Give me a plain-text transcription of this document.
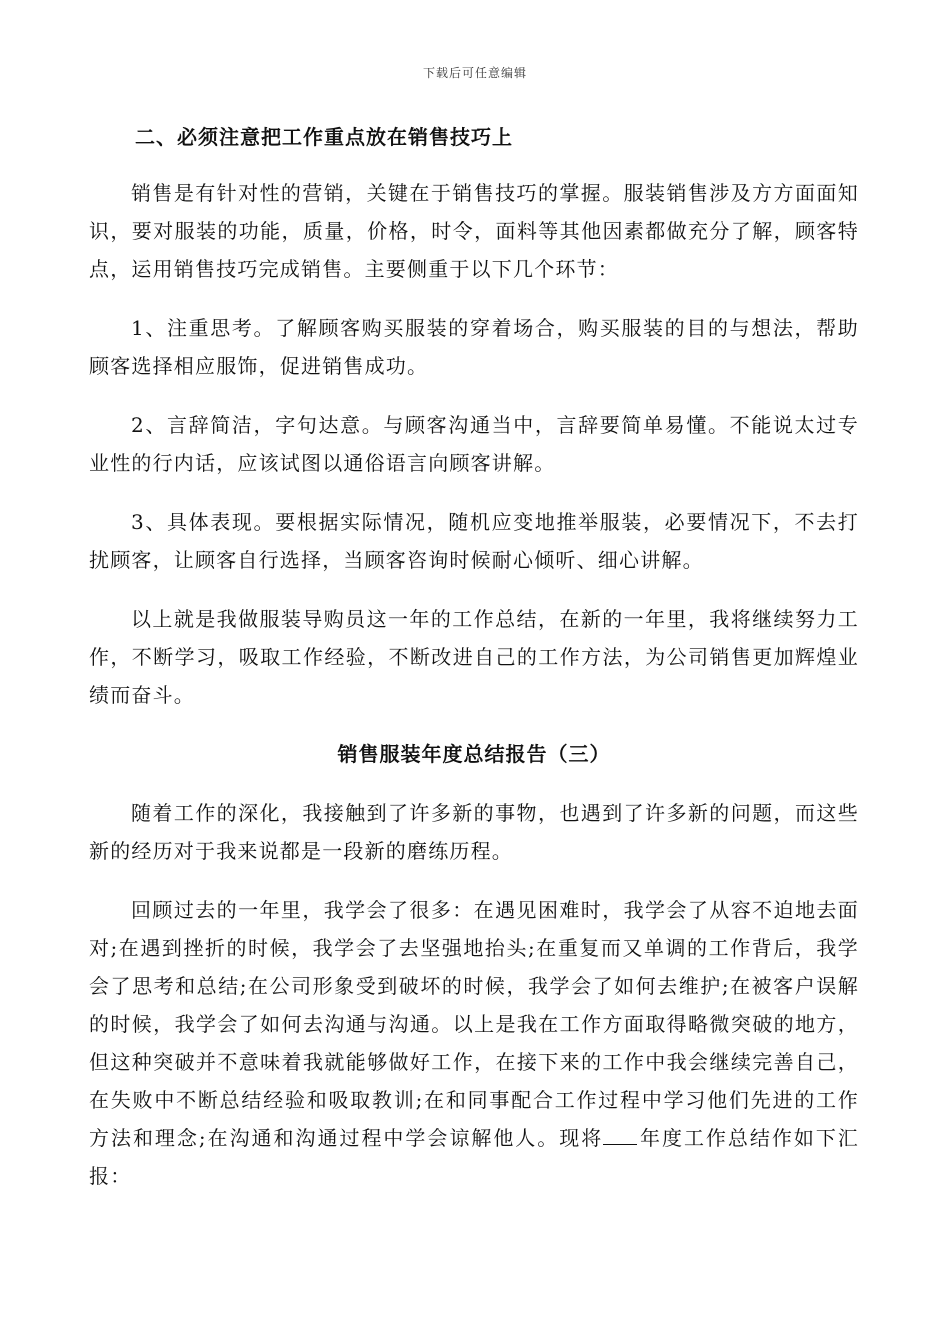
下载后可任意编辑
二、必须注意把工作重点放在销售技巧上

销售是有针对性的营销，关键在于销售技巧的掌握。服装销售涉及方方面面知识，要对服装的功能，质量，价格，时令，面料等其他因素都做充分了解，顾客特点，运用销售技巧完成销售。主要侧重于以下几个环节：

1、注重思考。了解顾客购买服装的穿着场合，购买服装的目的与想法，帮助顾客选择相应服饰，促进销售成功。

2、言辞简洁，字句达意。与顾客沟通当中，言辞要简单易懂。不能说太过专业性的行内话，应该试图以通俗语言向顾客讲解。

3、具体表现。要根据实际情况，随机应变地推举服装，必要情况下，不去打扰顾客，让顾客自行选择，当顾客咨询时候耐心倾听、细心讲解。

以上就是我做服装导购员这一年的工作总结，在新的一年里，我将继续努力工作，不断学习，吸取工作经验，不断改进自己的工作方法，为公司销售更加辉煌业绩而奋斗。

销售服装年度总结报告（三）

随着工作的深化，我接触到了许多新的事物，也遇到了许多新的问题，而这些新的经历对于我来说都是一段新的磨练历程。

回顾过去的一年里，我学会了很多：在遇见困难时，我学会了从容不迫地去面对;在遇到挫折的时候，我学会了去坚强地抬头;在重复而又单调的工作背后，我学会了思考和总结;在公司形象受到破坏的时候，我学会了如何去维护;在被客户误解的时候，我学会了如何去沟通与沟通。以上是我在工作方面取得略微突破的地方，但这种突破并不意味着我就能够做好工作，在接下来的工作中我会继续完善自己，在失败中不断总结经验和吸取教训;在和同事配合工作过程中学习他们先进的工作方法和理念;在沟通和沟通过程中学会谅解他人。现将 年度工作总结作如下汇报：
